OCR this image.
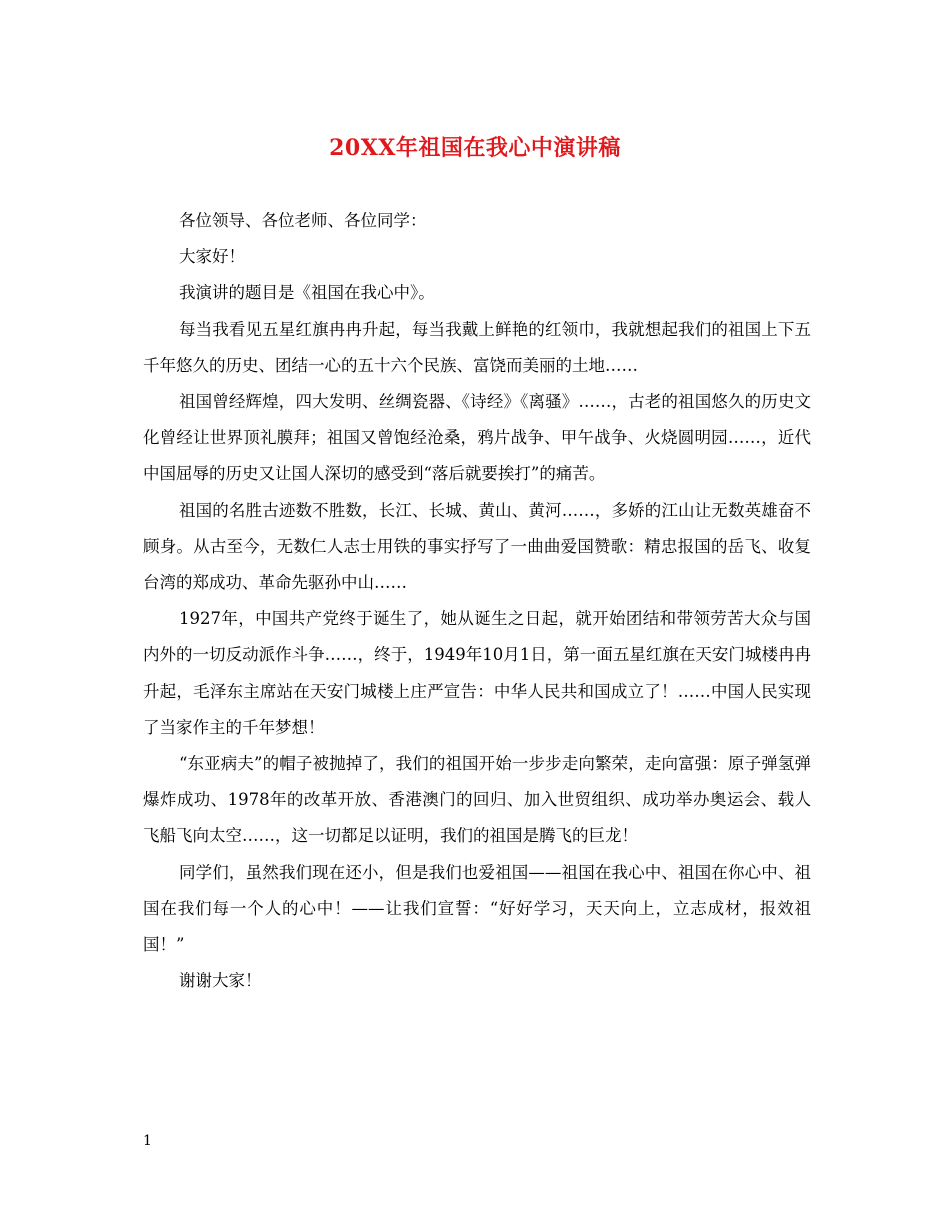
20XX年祖国在我心中演讲稿

各位领导、各位老师、各位同学：

大家好！

我演讲的题目是《祖国在我心中》。

每当我看见五星红旗冉冉升起，每当我戴上鲜艳的红领巾，我就想起我们的祖国上下五千年悠久的历史、团结一心的五十六个民族、富饶而美丽的土地……

祖国曾经辉煌，四大发明、丝绸瓷器、《诗经》《离骚》……，古老的祖国悠久的历史文化曾经让世界顶礼膜拜；祖国又曾饱经沧桑，鸦片战争、甲午战争、火烧圆明园……，近代中国屈辱的历史又让国人深切的感受到“落后就要挨打”的痛苦。

祖国的名胜古迹数不胜数，长江、长城、黄山、黄河……，多娇的江山让无数英雄奋不顾身。从古至今，无数仁人志士用铁的事实抒写了一曲曲爱国赞歌：精忠报国的岳飞、收复台湾的郑成功、革命先驱孙中山……

1927年，中国共产党终于诞生了，她从诞生之日起，就开始团结和带领劳苦大众与国内外的一切反动派作斗争……，终于，1949年10月1日，第一面五星红旗在天安门城楼冉冉升起，毛泽东主席站在天安门城楼上庄严宣告：中华人民共和国成立了！……中国人民实现了当家作主的千年梦想！

“东亚病夫”的帽子被抛掉了，我们的祖国开始一步步走向繁荣，走向富强：原子弹氢弹爆炸成功、1978年的改革开放、香港澳门的回归、加入世贸组织、成功举办奥运会、载人飞船飞向太空……，这一切都足以证明，我们的祖国是腾飞的巨龙！

同学们，虽然我们现在还小，但是我们也爱祖国——祖国在我心中、祖国在你心中、祖国在我们每一个人的心中！——让我们宣誓：“好好学习，天天向上，立志成材，报效祖国！”

谢谢大家！

1
